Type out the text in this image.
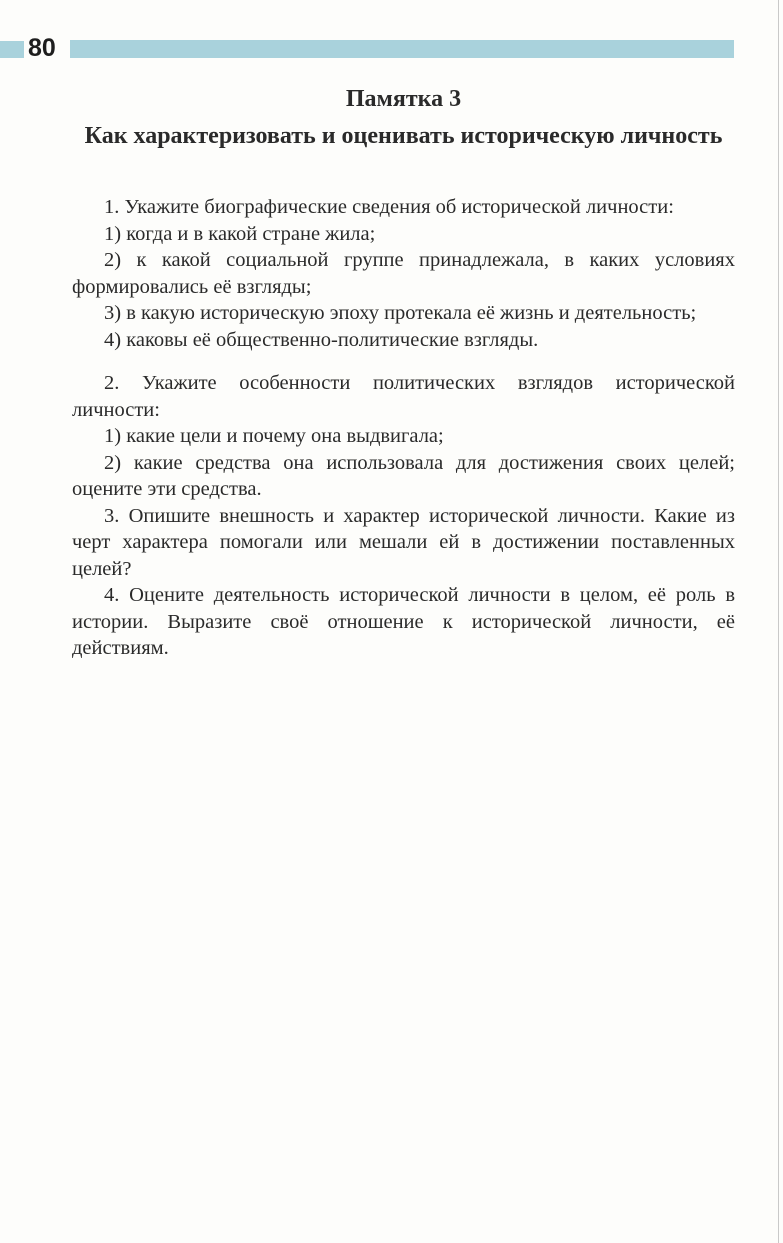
80
Памятка 3
Как характеризовать и оценивать историческую личность

1. Укажите биографические сведения об исторической личности:

1) когда и в какой стране жила;

2) к какой социальной группе принадлежала, в каких условиях формировались её взгляды;

3) в какую историческую эпоху протекала её жизнь и деятельность;

4) каковы её общественно-политические взгляды.

2. Укажите особенности политических взглядов исторической личности:

1) какие цели и почему она выдвигала;

2) какие средства она использовала для достижения своих целей; оцените эти средства.

3. Опишите внешность и характер исторической личности. Какие из черт характера помогали или мешали ей в достижении поставленных целей?

4. Оцените деятельность исторической личности в целом, её роль в истории. Выразите своё отношение к исторической личности, её действиям.
